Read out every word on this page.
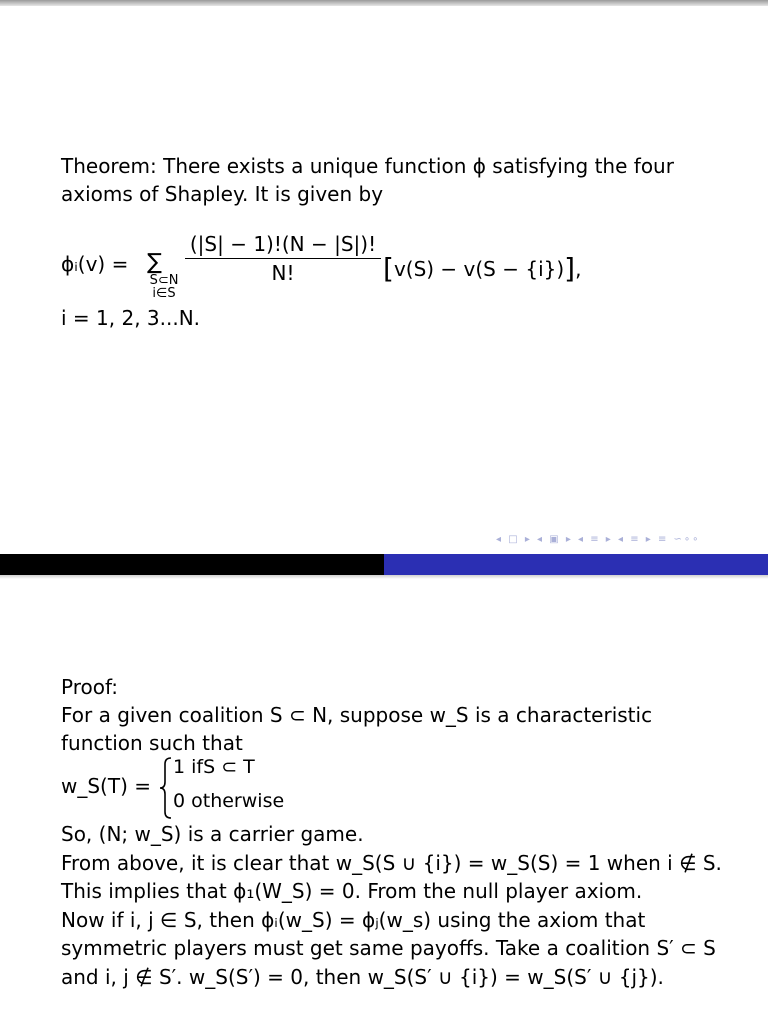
Theorem: There exists a unique function ϕ satisfying the four
axioms of Shapley. It is given by
ϕᵢ(v) = ∑
S⊂N
i∈S
(|S| − 1)!(N − |S|)!
N!	[v(S) − v(S − {i})],
i = 1, 2, 3...N.
◂ □ ▸ ◂ ▣ ▸ ◂ ≡ ▸ ◂ ≡ ▸ ≡ ∽∘∘
Proof:
For a given coalition S ⊂ N, suppose w_S is a characteristic
function such that
w_S(T) =
1 ifS ⊂ T
0 otherwise
So, (N; w_S) is a carrier game.
From above, it is clear that w_S(S ∪ {i}) = w_S(S) = 1 when i ∉ S.
This implies that ϕ₁(W_S) = 0. From the null player axiom.
Now if i, j ∈ S, then ϕᵢ(w_S) = ϕⱼ(w_s) using the axiom that
symmetric players must get same payoffs. Take a coalition S′ ⊂ S
and i, j ∉ S′. w_S(S′) = 0, then w_S(S′ ∪ {i}) = w_S(S′ ∪ {j}).
